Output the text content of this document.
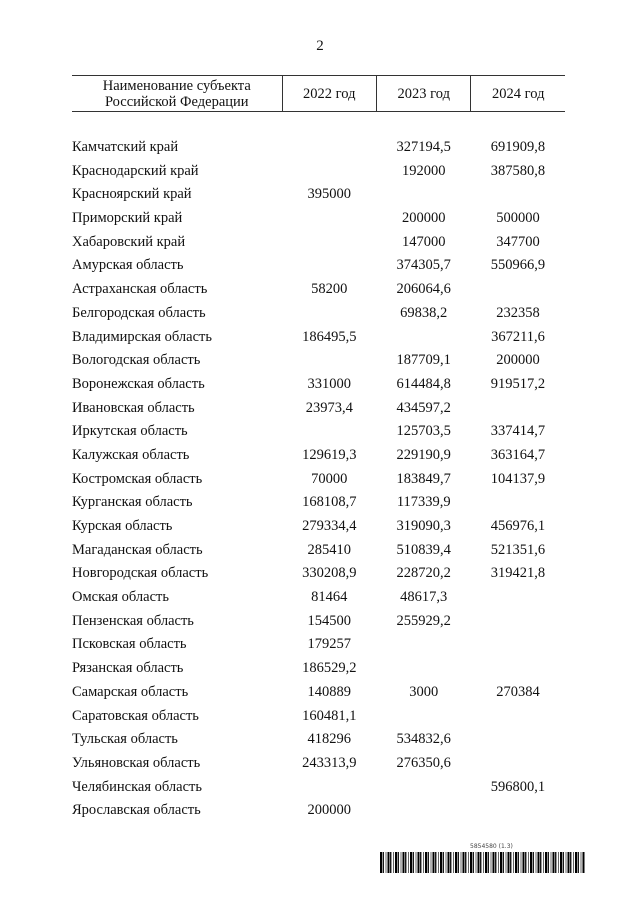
2
Наименование субъекта
Российской Федерации	2022 год	2023 год	2024 год

Камчатский край		327194,5	691909,8
Краснодарский край		192000	387580,8
Красноярский край	395000		
Приморский край		200000	500000
Хабаровский край		147000	347700
Амурская область		374305,7	550966,9
Астраханская область	58200	206064,6	
Белгородская область		69838,2	232358
Владимирская область	186495,5		367211,6
Вологодская область		187709,1	200000
Воронежская область	331000	614484,8	919517,2
Ивановская область	23973,4	434597,2	
Иркутская область		125703,5	337414,7
Калужская область	129619,3	229190,9	363164,7
Костромская область	70000	183849,7	104137,9
Курганская область	168108,7	117339,9	
Курская область	279334,4	319090,3	456976,1
Магаданская область	285410	510839,4	521351,6
Новгородская область	330208,9	228720,2	319421,8
Омская область	81464	48617,3	
Пензенская область	154500	255929,2	
Псковская область	179257		
Рязанская область	186529,2		
Самарская область	140889	3000	270384
Саратовская область	160481,1		
Тульская область	418296	534832,6	
Ульяновская область	243313,9	276350,6	
Челябинская область			596800,1
Ярославская область	200000		
5854580 (1.3)
